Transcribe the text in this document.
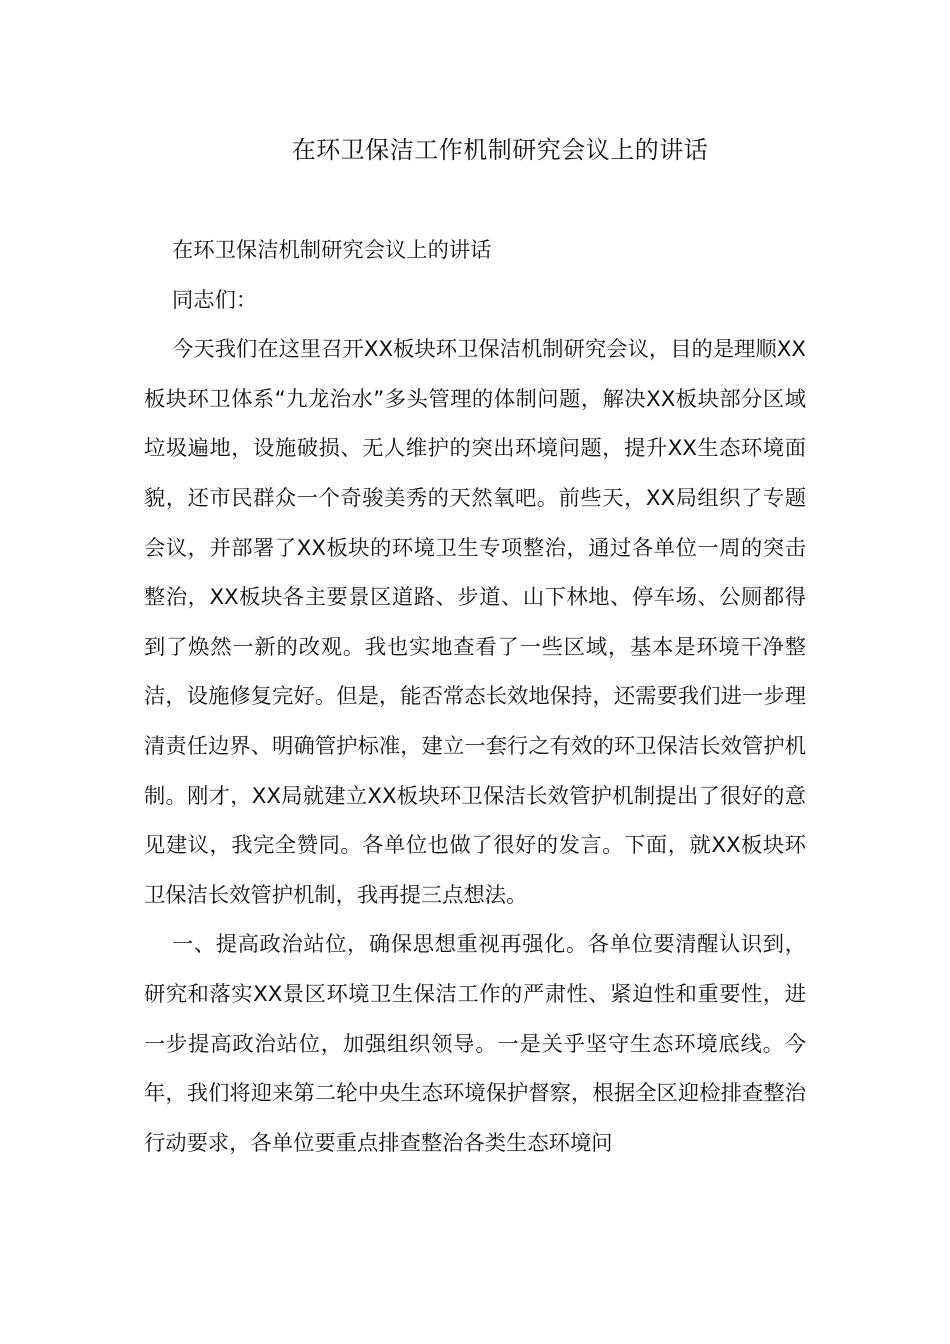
在环卫保洁工作机制研究会议上的讲话

在环卫保洁机制研究会议上的讲话

同志们：

今天我们在这里召开XX板块环卫保洁机制研究会议，目的是理顺XX板块环卫体系“九龙治水”多头管理的体制问题，解决XX板块部分区域垃圾遍地，设施破损、无人维护的突出环境问题，提升XX生态环境面貌，还市民群众一个奇骏美秀的天然氧吧。前些天，XX局组织了专题会议，并部署了XX板块的环境卫生专项整治，通过各单位一周的突击整治，XX板块各主要景区道路、步道、山下林地、停车场、公厕都得到了焕然一新的改观。我也实地查看了一些区域，基本是环境干净整洁，设施修复完好。但是，能否常态长效地保持，还需要我们进一步理清责任边界、明确管护标准，建立一套行之有效的环卫保洁长效管护机制。刚才，XX局就建立XX板块环卫保洁长效管护机制提出了很好的意见建议，我完全赞同。各单位也做了很好的发言。下面，就XX板块环卫保洁长效管护机制，我再提三点想法。

一、提高政治站位，确保思想重视再强化。各单位要清醒认识到，研究和落实XX景区环境卫生保洁工作的严肃性、紧迫性和重要性，进一步提高政治站位，加强组织领导。一是关乎坚守生态环境底线。今年，我们将迎来第二轮中央生态环境保护督察，根据全区迎检排查整治行动要求，各单位要重点排查整治各类生态环境问
